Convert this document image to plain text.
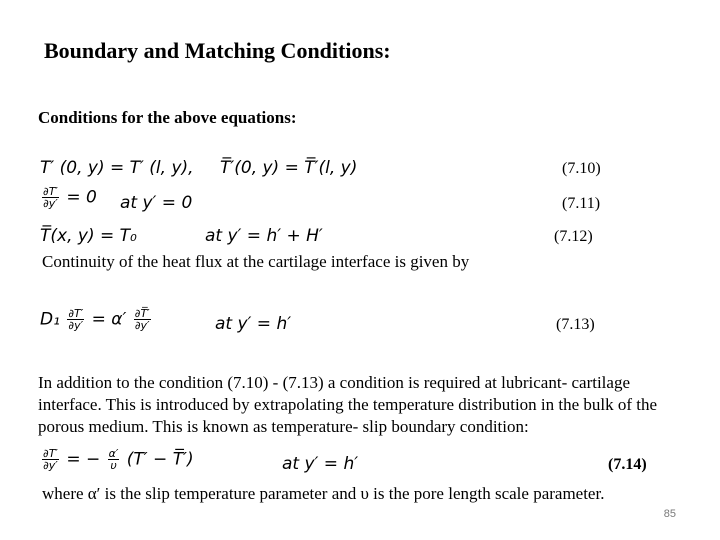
Boundary and Matching Conditions:
Conditions for the above equations:
T′ (0, y) = T′ (l, y), T̅′(0, y) = T̅′(l, y)	(7.10)
$\frac{\partial T'}{\partial y'} = 0$ at y′ = 0	(7.11)
T̅(x, y) = T₀	at y′ = h′ + H′	(7.12)
Continuity of the heat flux at the cartilage interface is given by
$D_1 \frac{\partial T'}{\partial y'} = \alpha' \frac{\partial T̅'}{\partial y'}$	at y′ = h′	(7.13)
In addition to the condition (7.10) - (7.13) a condition is required at lubricant- cartilage interface. This is introduced by extrapolating the temperature distribution in the bulk of the porous medium. This is known as temperature- slip boundary condition:
$\frac{\partial T'}{\partial y'}$ = − $\frac{\alpha'}{\upsilon} (T'$ − T̅′)	at y′ = h′	(7.14)
where α′ is the slip temperature parameter and υ is the pore length scale parameter.
85
